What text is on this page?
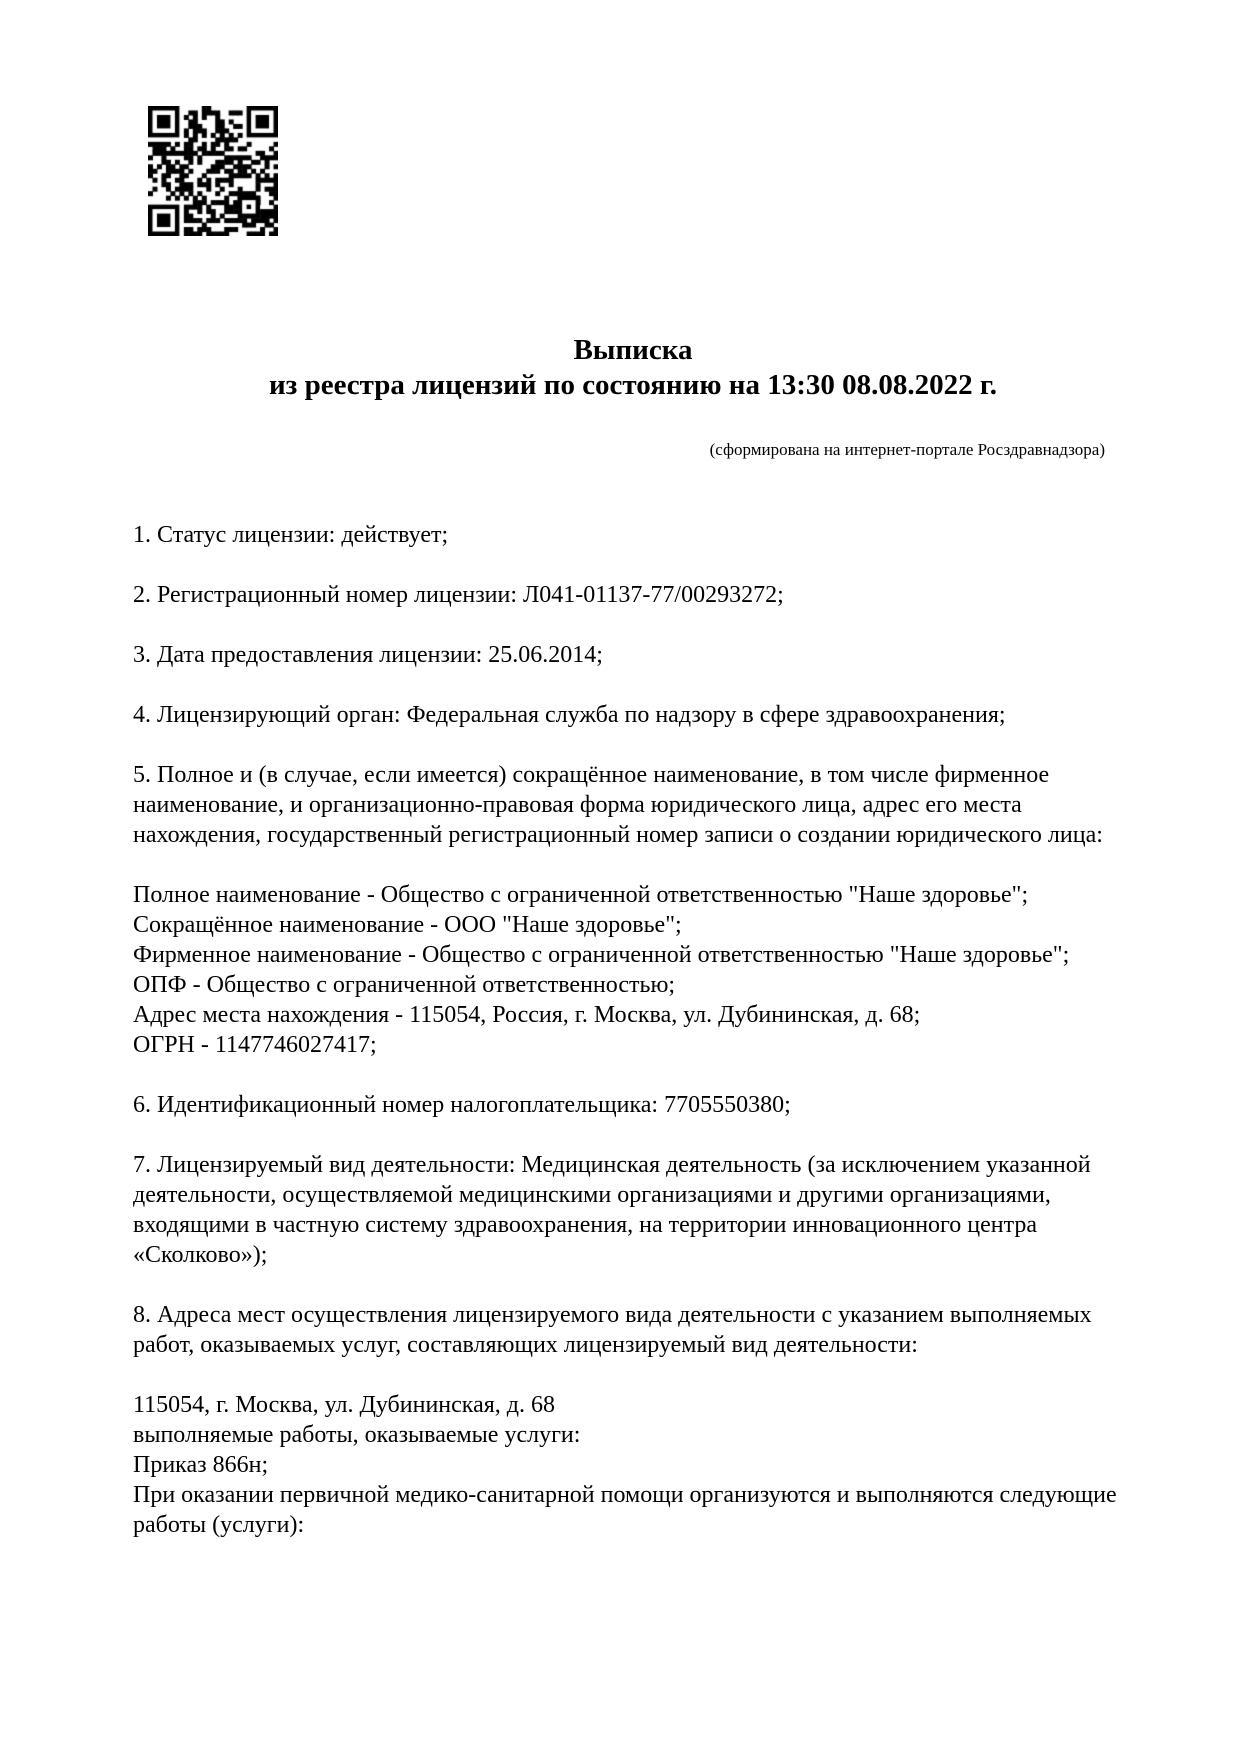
Выписка
из реестра лицензий по состоянию на 13:30 08.08.2022 г.
(сформирована на интернет-портале Росздравнадзора)
1. Статус лицензии: действует;
2. Регистрационный номер лицензии: Л041-01137-77/00293272;
3. Дата предоставления лицензии: 25.06.2014;
4. Лицензирующий орган: Федеральная служба по надзору в сфере здравоохранения;
5. Полное и (в случае, если имеется) сокращённое наименование, в том числе фирменное наименование, и организационно-правовая форма юридического лица, адрес его места нахождения, государственный регистрационный номер записи о создании юридического лица:
Полное наименование - Общество с ограниченной ответственностью "Наше здоровье";
Сокращённое наименование - ООО "Наше здоровье";
Фирменное наименование - Общество с ограниченной ответственностью "Наше здоровье";
ОПФ - Общество с ограниченной ответственностью;
Адрес места нахождения - 115054, Россия, г. Москва, ул. Дубининская, д. 68;
ОГРН - 1147746027417;
6. Идентификационный номер налогоплательщика: 7705550380;
7. Лицензируемый вид деятельности: Медицинская деятельность (за исключением указанной деятельности, осуществляемой медицинскими организациями и другими организациями, входящими в частную систему здравоохранения, на территории инновационного центра «Сколково»);
8. Адреса мест осуществления лицензируемого вида деятельности с указанием выполняемых работ, оказываемых услуг, составляющих лицензируемый вид деятельности:
115054, г. Москва, ул. Дубининская, д. 68
выполняемые работы, оказываемые услуги:
Приказ 866н;
При оказании первичной медико-санитарной помощи организуются и выполняются следующие работы (услуги):
